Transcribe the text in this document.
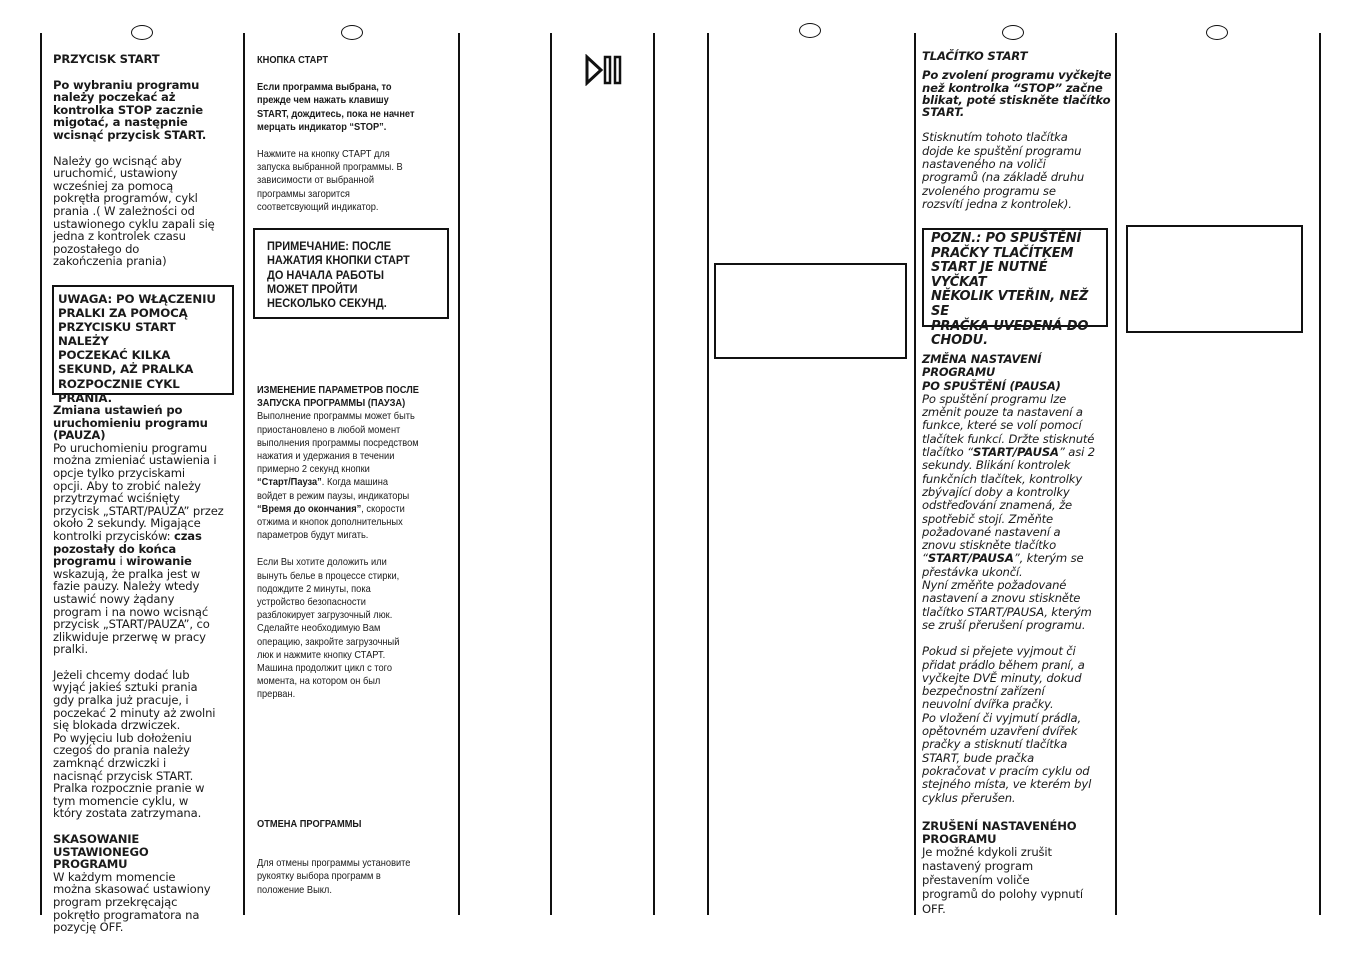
PRZYCISK START

Po wybraniu programu
należy poczekać aż
kontrolka STOP zacznie
migotać, a następnie
wcisnąć przycisk START.

Należy go wcisnąć aby
uruchomić, ustawiony
wcześniej za pomocą
pokrętła programów, cykl
prania .( W zależności od
ustawionego cyklu zapali się
jedna z kontrolek czasu
pozostałego do
zakończenia prania)

UWAGA: PO WŁĄCZENIU
PRALKI ZA POMOCĄ
PRZYCISKU START NALEŻY
POCZEKAĆ KILKA
SEKUND, AŻ PRALKA
ROZPOCZNIE CYKL
PRANIA.

Zmiana ustawień po
uruchomieniu programu
(PAUZA)

Po uruchomieniu programu
można zmieniać ustawienia i
opcje tylko przyciskami
opcji. Aby to zrobić należy
przytrzymać wciśnięty
przycisk „START/PAUZA” przez
około 2 sekundy. Migające
kontrolki przycisków: czas
pozostały do końca
programu i wirowanie
wskazują, że pralka jest w
fazie pauzy. Należy wtedy
ustawić nowy żądany
program i na nowo wcisnąć
przycisk „START/PAUZA”, co
zlikwiduje przerwę w pracy
pralki.

Jeżeli chcemy dodać lub
wyjąć jakieś sztuki prania
gdy pralka już pracuje, i
poczekać 2 minuty aż zwolni
się blokada drzwiczek.
Po wyjęciu lub dołożeniu
czegoś do prania należy
zamknąć drzwiczki i
nacisnąć przycisk START.
Pralka rozpocznie pranie w
tym momencie cyklu, w
który zostata zatrzymana.

SKASOWANIE USTAWIONEGO
PROGRAMU

W każdym momencie
można skasować ustawiony
program przekręcając
pokrętło programatora na
pozycję OFF.

КНОПКА СТАРТ

Если программа выбрана, то
прежде чем нажать клавишу
START, дождитесь, пока не начнет
мерцать индикатор “STOP”.

Нажмите на кнопку СТАРТ для
запуска выбранной программы. В
зависимости от выбранной
программы загорится
соответсвующий индикатор.

ПРИМЕЧАНИЕ: ПОСЛЕ
НАЖАТИЯ КНОПКИ СТАРТ
ДО НАЧАЛА РАБОТЫ
МОЖЕТ ПРОЙТИ
НЕСКОЛЬКО СЕКУНД.

ИЗМЕНЕНИЕ ПАРАМЕТРОВ ПОСЛЕ
ЗАПУСКА ПРОГРАММЫ (ПАУЗА)

Выполнение программы может быть
приостановлено в любой момент
выполнения программы посредством
нажатия и удержания в течении
примерно 2 секунд кнопки
“Старт/Пауза”. Когда машина
войдет в режим паузы, индикаторы
“Время до окончания”, скорости
отжима и кнопок дополнительных
параметров будут мигать.

Если Вы хотите доложить или
вынуть белье в процессе стирки,
подождите 2 минуты, пока
устройство безопасности
разблокирует загрузочный люк.
Сделайте необходимую Вам
операцию, закройте загрузочный
люк и нажмите кнопку СТАРТ.
Машина продолжит цикл с того
момента, на котором он был
прерван.

ОТМЕНА ПРОГРАММЫ

Для отмены программы установите
рукоятку выбора программ в
положение Выкл.

TLAČÍTKO START

Po zvolení programu vyčkejte
než kontrolka “STOP” začne
blikat, poté stiskněte tlačítko
START.

Stisknutím tohoto tlačítka
dojde ke spuštění programu
nastaveného na voliči
programů (na základě druhu
zvoleného programu se
rozsvítí jedna z kontrolek).

POZN.: PO SPUŠTĚNÍ
PRAČKY TLAČÍTKEM
START JE NUTNÉ VYČKAT
NĚKOLIK VTEŘIN, NEŽ SE
PRAČKA UVEDENÁ DO
CHODU.

ZMĚNA NASTAVENÍ PROGRAMU
PO SPUŠTĚNÍ (PAUSA)

Po spuštění programu lze
změnit pouze ta nastavení a
funkce, které se volí pomocí
tlačítek funkcí. Držte stisknuté
tlačítko “START/PAUSA” asi 2
sekundy. Blikání kontrolek
funkčních tlačítek, kontrolky
zbývající doby a kontrolky
odstřeďování znamená, že
spotřebič stojí. Změňte
požadované nastavení a
znovu stiskněte tlačítko
“START/PAUSA”, kterým se
přestávka ukončí.
Nyní změňte požadované
nastavení a znovu stiskněte
tlačítko START/PAUSA, kterým
se zruší přerušení programu.

Pokud si přejete vyjmout či
přidat prádlo během praní, a
vyčkejte DVĚ minuty, dokud
bezpečnostní zařízení
neuvolní dvířka pračky.
Po vložení či vyjmutí prádla,
opětovném uzavření dvířek
pračky a stisknutí tlačítka
START, bude pračka
pokračovat v pracím cyklu od
stejného místa, ve kterém byl
cyklus přerušen.

ZRUŠENÍ NASTAVENÉHO
PROGRAMU

Je možné kdykoli zrušit
nastavený program
přestavením voliče
programů do polohy vypnutí
OFF.
